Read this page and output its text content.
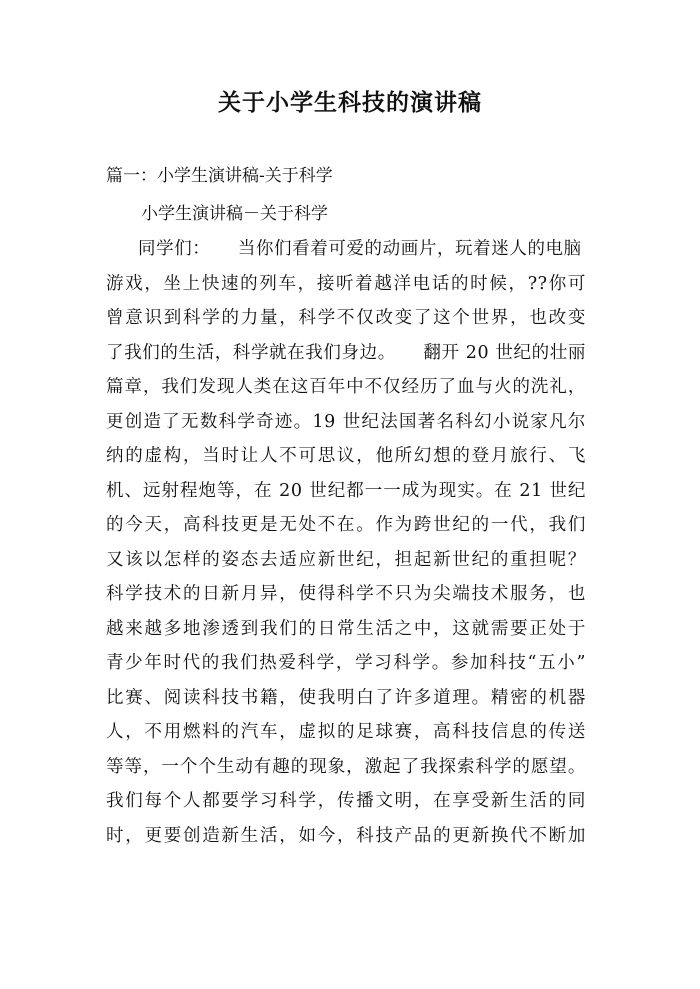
关于小学生科技的演讲稿
篇一：小学生演讲稿-关于科学
小学生演讲稿－关于科学
同学们：　　当你们看着可爱的动画片，玩着迷人的电脑
游戏，坐上快速的列车，接听着越洋电话的时候，??你可
曾意识到科学的力量，科学不仅改变了这个世界，也改变
了我们的生活，科学就在我们身边。　　翻开 20 世纪的壮丽
篇章，我们发现人类在这百年中不仅经历了血与火的洗礼，
更创造了无数科学奇迹。19 世纪法国著名科幻小说家凡尔
纳的虚构，当时让人不可思议，他所幻想的登月旅行、飞
机、远射程炮等，在 20 世纪都一一成为现实。在 21 世纪
的今天，高科技更是无处不在。作为跨世纪的一代，我们
又该以怎样的姿态去适应新世纪，担起新世纪的重担呢？
科学技术的日新月异，使得科学不只为尖端技术服务，也
越来越多地渗透到我们的日常生活之中，这就需要正处于
青少年时代的我们热爱科学，学习科学。参加科技“五小”
比赛、阅读科技书籍，使我明白了许多道理。精密的机器
人，不用燃料的汽车，虚拟的足球赛，高科技信息的传送
等等，一个个生动有趣的现象，激起了我探索科学的愿望。
我们每个人都要学习科学，传播文明，在享受新生活的同
时，更要创造新生活，如今，科技产品的更新换代不断加
